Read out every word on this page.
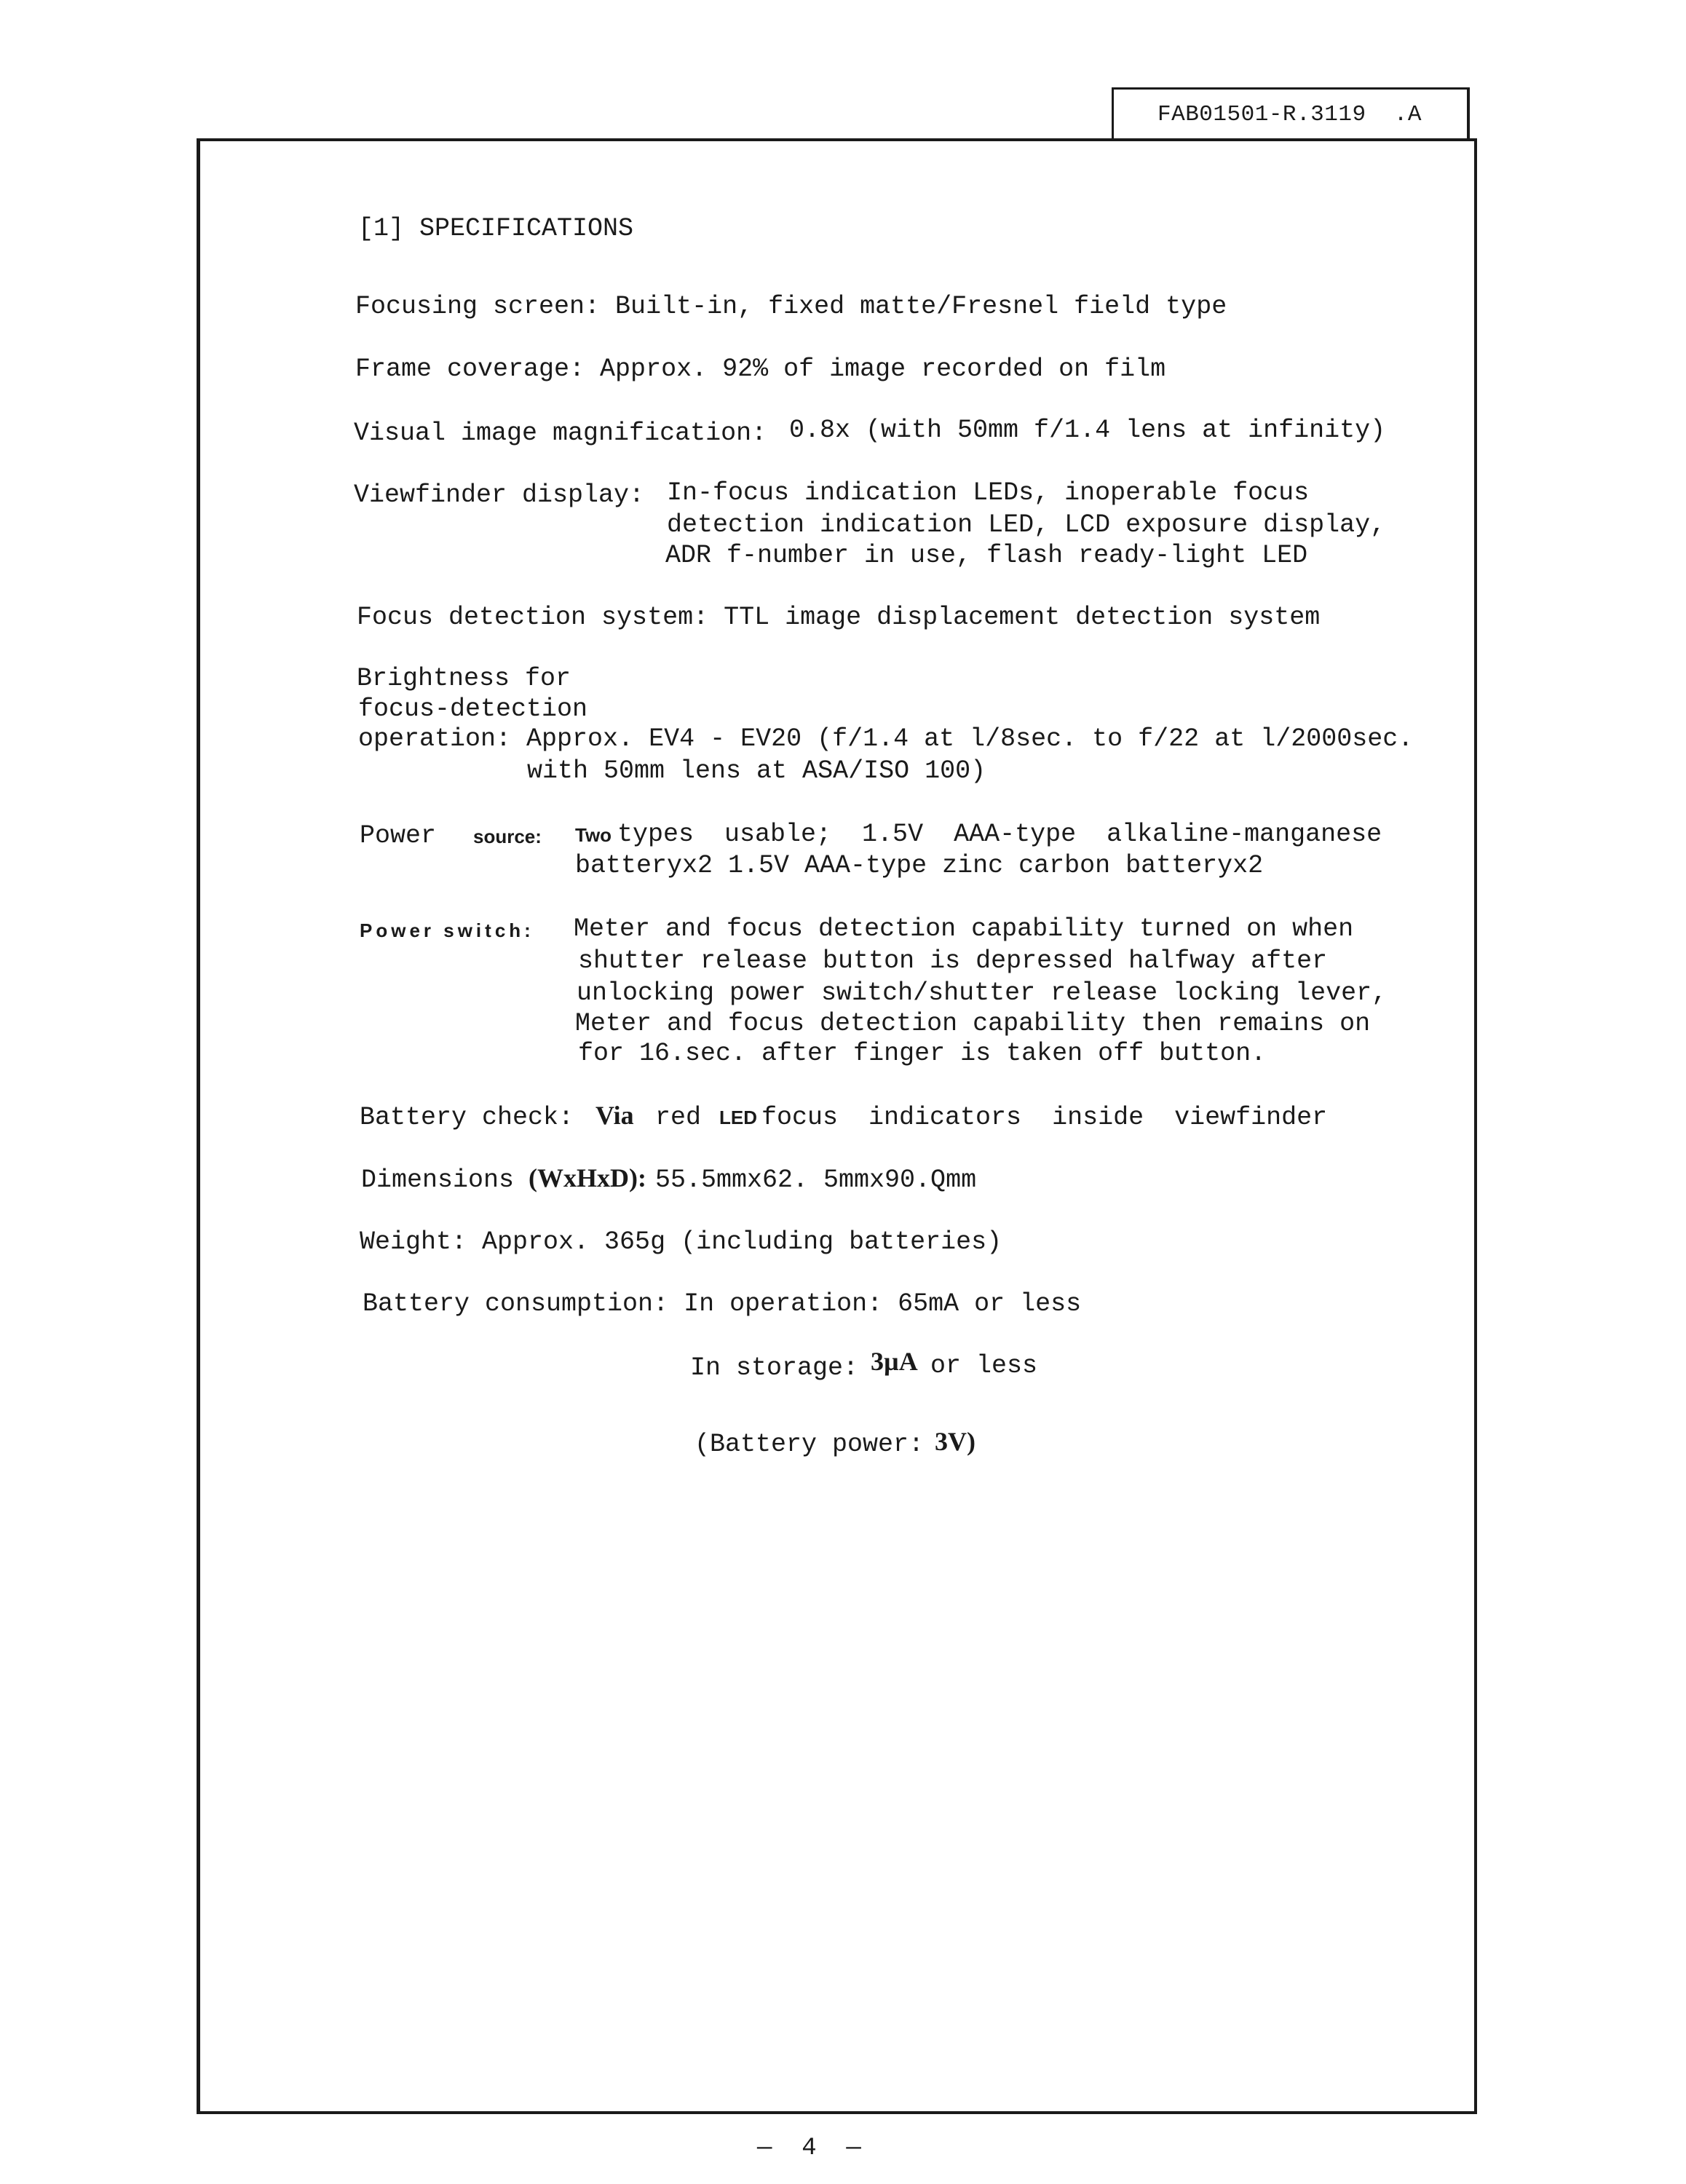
FAB01501-R.3119  .A
[1] SPECIFICATIONS
Focusing screen: Built-in, fixed matte/Fresnel field type
Frame coverage: Approx. 92% of image recorded on film
Visual image magnification: 0.8x (with 50mm f/1.4 lens at infinity)
Viewfinder display: In-focus indication LEDs, inoperable focus
detection indication LED, LCD exposure display,
ADR f-number in use, flash ready-light LED
Focus detection system: TTL image displacement detection system
Brightness for
focus-detection
operation: Approx. EV4 - EV20 (f/1.4 at l/8sec. to f/22 at l/2000sec.
with 50mm lens at ASA/ISO 100)
Power source: Two types  usable;  1.5V  AAA-type  alkaline-manganese
batteryx2 1.5V AAA-type zinc carbon batteryx2
Power switch: Meter and focus detection capability turned on when
shutter release button is depressed halfway after
unlocking power switch/shutter release locking lever,
Meter and focus detection capability then remains on
for 16.sec. after finger is taken off button.
Battery check: Via red LED focus  indicators  inside  viewfinder
Dimensions (WxHxD): 55.5mmx62. 5mmx90.Qmm
Weight: Approx. 365g (including batteries)
Battery consumption: In operation: 65mA or less
In storage: 3µA or less
(Battery power: 3V)
—  4  —
